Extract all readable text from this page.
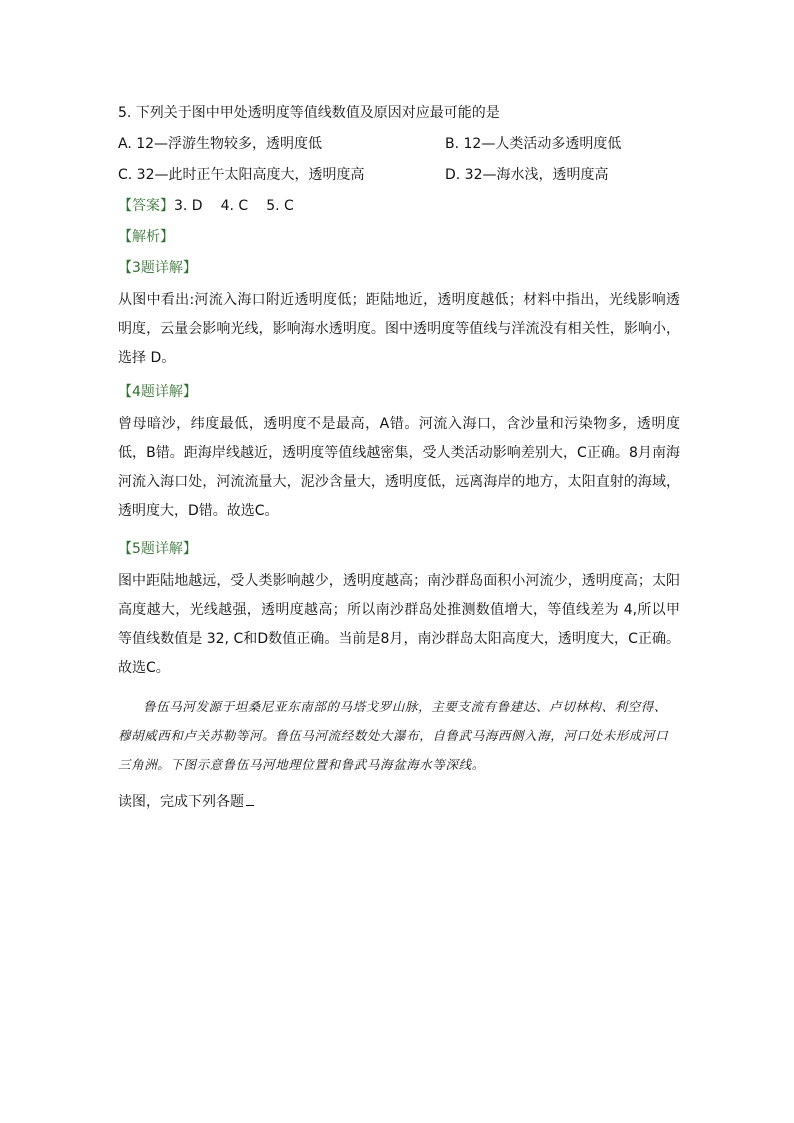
5. 下列关于图中甲处透明度等值线数值及原因对应最可能的是
A. 12—浮游生物较多，透明度低	B. 12—人类活动多透明度低
C. 32—此时正午太阳高度大，透明度高	D. 32—海水浅，透明度高
【答案】3. D 4. C 5. C
【解析】
【3题详解】
从图中看出:河流入海口附近透明度低；距陆地近，透明度越低；材料中指出，光线影响透明度，云量会影响光线，影响海水透明度。图中透明度等值线与洋流没有相关性，影响小，选择 D。
【4题详解】
曾母暗沙，纬度最低，透明度不是最高，A错。河流入海口，含沙量和污染物多，透明度低，B错。距海岸线越近，透明度等值线越密集，受人类活动影响差别大，C正确。8月南海河流入海口处，河流流量大，泥沙含量大，透明度低，远离海岸的地方，太阳直射的海域，透明度大，D错。故选C。
【5题详解】
图中距陆地越远，受人类影响越少，透明度越高；南沙群岛面积小河流少，透明度高；太阳高度越大，光线越强，透明度越高；所以南沙群岛处推测数值增大，等值线差为 4,所以甲等值线数值是 32, C和D数值正确。当前是8月，南沙群岛太阳高度大，透明度大，C正确。故选C。
鲁伍马河发源于坦桑尼亚东南部的马塔戈罗山脉，主要支流有鲁建达、卢切林构、利空得、穆胡威西和卢关苏勒等河。鲁伍马河流经数处大瀑布，自鲁武马海西侧入海，河口处未形成河口三角洲。下图示意鲁伍马河地理位置和鲁武马海盆海水等深线。
读图，完成下列各题
